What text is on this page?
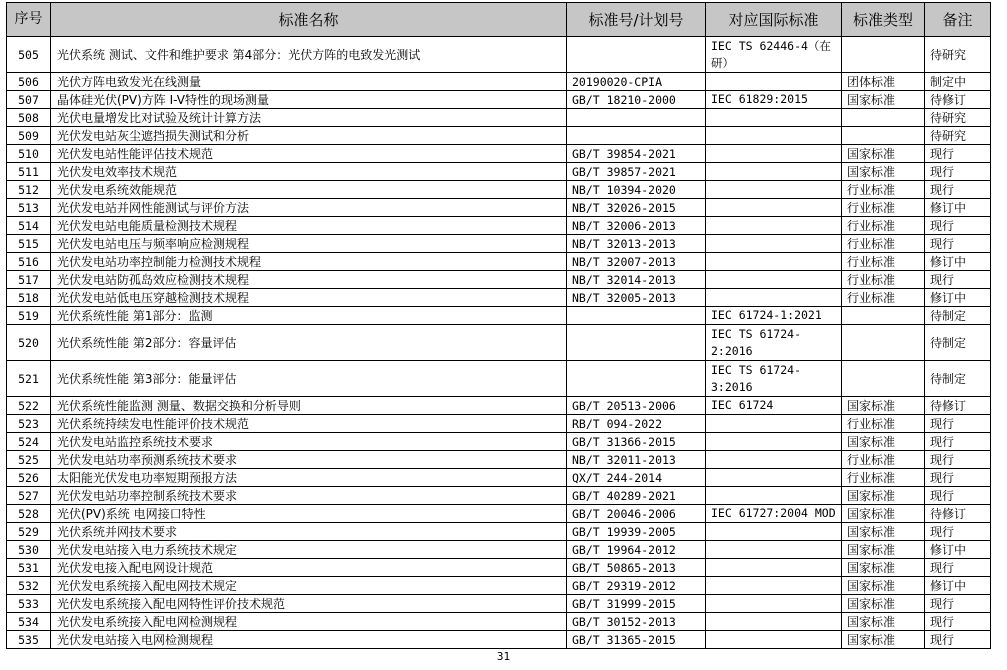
序号	标准名称	标准号/计划号	对应国际标准	标准类型	备注
505	光伏系统 测试、文件和维护要求 第4部分：光伏方阵的电致发光测试		IEC TS 62446-4（在研）		待研究
506	光伏方阵电致发光在线测量	20190020-CPIA		团体标准	制定中
507	晶体硅光伏(PV)方阵 I-V特性的现场测量	GB/T 18210-2000	IEC 61829:2015	国家标准	待修订
508	光伏电量增发比对试验及统计计算方法				待研究
509	光伏发电站灰尘遮挡损失测试和分析				待研究
510	光伏发电站性能评估技术规范	GB/T 39854-2021		国家标准	现行
511	光伏发电效率技术规范	GB/T 39857-2021		国家标准	现行
512	光伏发电系统效能规范	NB/T 10394-2020		行业标准	现行
513	光伏发电站并网性能测试与评价方法	NB/T 32026-2015		行业标准	修订中
514	光伏发电站电能质量检测技术规程	NB/T 32006-2013		行业标准	现行
515	光伏发电站电压与频率响应检测规程	NB/T 32013-2013		行业标准	现行
516	光伏发电站功率控制能力检测技术规程	NB/T 32007-2013		行业标准	修订中
517	光伏发电站防孤岛效应检测技术规程	NB/T 32014-2013		行业标准	现行
518	光伏发电站低电压穿越检测技术规程	NB/T 32005-2013		行业标准	修订中
519	光伏系统性能 第1部分：监测		IEC 61724-1:2021		待制定
520	光伏系统性能 第2部分：容量评估		IEC TS 61724-2:2016		待制定
521	光伏系统性能 第3部分：能量评估		IEC TS 61724-3:2016		待制定
522	光伏系统性能监测 测量、数据交换和分析导则	GB/T 20513-2006	IEC 61724	国家标准	待修订
523	光伏系统持续发电性能评价技术规范	RB/T 094-2022		行业标准	现行
524	光伏发电站监控系统技术要求	GB/T 31366-2015		国家标准	现行
525	光伏发电站功率预测系统技术要求	NB/T 32011-2013		行业标准	现行
526	太阳能光伏发电功率短期预报方法	QX/T 244-2014		行业标准	现行
527	光伏发电站功率控制系统技术要求	GB/T 40289-2021		国家标准	现行
528	光伏(PV)系统 电网接口特性	GB/T 20046-2006	IEC 61727:2004 MOD	国家标准	待修订
529	光伏系统并网技术要求	GB/T 19939-2005		国家标准	现行
530	光伏发电站接入电力系统技术规定	GB/T 19964-2012		国家标准	修订中
531	光伏发电接入配电网设计规范	GB/T 50865-2013		国家标准	现行
532	光伏发电系统接入配电网技术规定	GB/T 29319-2012		国家标准	修订中
533	光伏发电系统接入配电网特性评价技术规范	GB/T 31999-2015		国家标准	现行
534	光伏发电系统接入配电网检测规程	GB/T 30152-2013		国家标准	现行
535	光伏发电站接入电网检测规程	GB/T 31365-2015		国家标准	现行
31
